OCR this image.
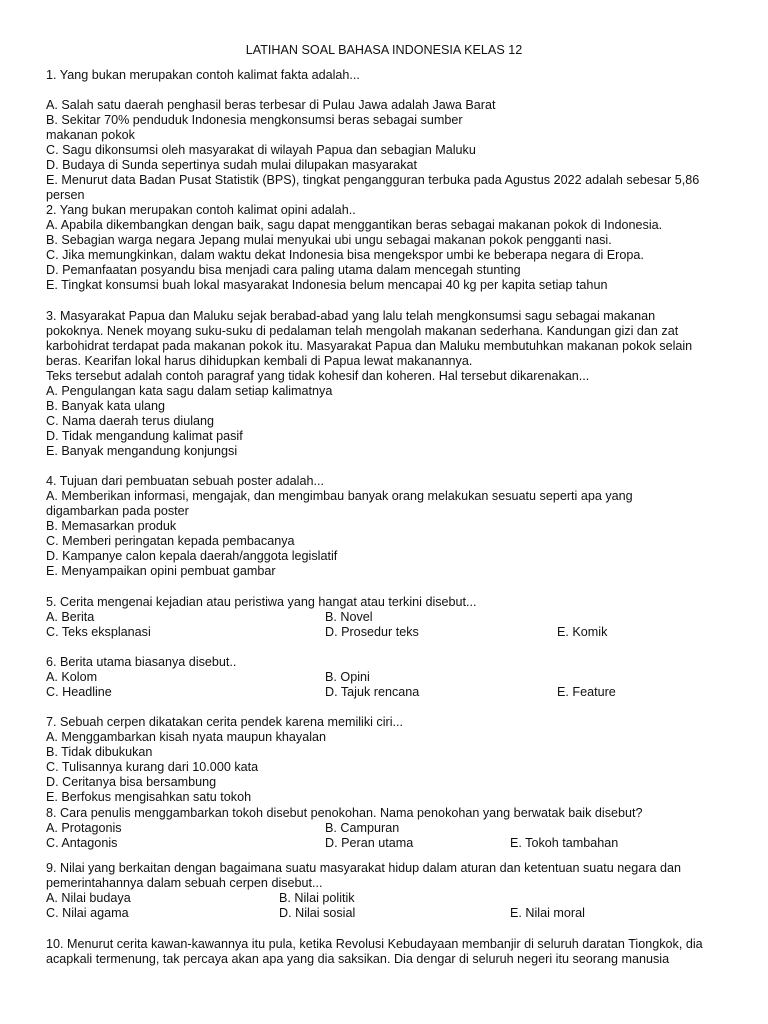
LATIHAN SOAL BAHASA INDONESIA KELAS 12
1. Yang bukan merupakan contoh kalimat fakta adalah...
A. Salah satu daerah penghasil beras terbesar di Pulau Jawa adalah Jawa Barat
B. Sekitar 70% penduduk Indonesia mengkonsumsi beras sebagai sumber
makanan pokok
C. Sagu dikonsumsi oleh masyarakat di wilayah Papua dan sebagian Maluku
D. Budaya di Sunda sepertinya sudah mulai dilupakan masyarakat
E. Menurut data Badan Pusat Statistik (BPS), tingkat pengangguran terbuka pada Agustus 2022 adalah sebesar 5,86
persen
2. Yang bukan merupakan contoh kalimat opini adalah..
A. Apabila dikembangkan dengan baik, sagu dapat menggantikan beras sebagai makanan pokok di Indonesia.
B. Sebagian warga negara Jepang mulai menyukai ubi ungu sebagai makanan pokok pengganti nasi.
C. Jika memungkinkan, dalam waktu dekat Indonesia bisa mengekspor umbi ke beberapa negara di Eropa.
D. Pemanfaatan posyandu bisa menjadi cara paling utama dalam mencegah stunting
E. Tingkat konsumsi buah lokal masyarakat Indonesia belum mencapai 40 kg per kapita setiap tahun
3. Masyarakat Papua dan Maluku sejak berabad-abad yang lalu telah mengkonsumsi sagu sebagai makanan
pokoknya. Nenek moyang suku-suku di pedalaman telah mengolah makanan sederhana. Kandungan gizi dan zat
karbohidrat terdapat pada makanan pokok itu. Masyarakat Papua dan Maluku membutuhkan makanan pokok selain
beras. Kearifan lokal harus dihidupkan kembali di Papua lewat makanannya.
Teks tersebut adalah contoh paragraf yang tidak kohesif dan koheren. Hal tersebut dikarenakan...
A. Pengulangan kata sagu dalam setiap kalimatnya
B. Banyak kata ulang
C. Nama daerah terus diulang
D. Tidak mengandung kalimat pasif
E. Banyak mengandung konjungsi
4. Tujuan dari pembuatan sebuah poster adalah...
A. Memberikan informasi, mengajak, dan mengimbau banyak orang melakukan sesuatu seperti apa yang
digambarkan pada poster
B. Memasarkan produk
C. Memberi peringatan kepada pembacanya
D. Kampanye calon kepala daerah/anggota legislatif
E. Menyampaikan opini pembuat gambar
5. Cerita mengenai kejadian atau peristiwa yang hangat atau terkini disebut...
A. Berita	B. Novel
C. Teks eksplanasi	D. Prosedur teks	E. Komik
6. Berita utama biasanya disebut..
A. Kolom	B. Opini
C. Headline	D. Tajuk rencana	E. Feature
7. Sebuah cerpen dikatakan cerita pendek karena memiliki ciri...
A. Menggambarkan kisah nyata maupun khayalan
B. Tidak dibukukan
C. Tulisannya kurang dari 10.000 kata
D. Ceritanya bisa bersambung
E. Berfokus mengisahkan satu tokoh
8. Cara penulis menggambarkan tokoh disebut penokohan. Nama penokohan yang berwatak baik disebut?
A. Protagonis	B. Campuran
C. Antagonis	D. Peran utama	E. Tokoh tambahan
9. Nilai yang berkaitan dengan bagaimana suatu masyarakat hidup dalam aturan dan ketentuan suatu negara dan
pemerintahannya dalam sebuah cerpen disebut...
A. Nilai budaya	B. Nilai politik
C. Nilai agama	D. Nilai sosial	E. Nilai moral
10. Menurut cerita kawan-kawannya itu pula, ketika Revolusi Kebudayaan membanjir di seluruh daratan Tiongkok, dia
acapkali termenung, tak percaya akan apa yang dia saksikan. Dia dengar di seluruh negeri itu seorang manusia
